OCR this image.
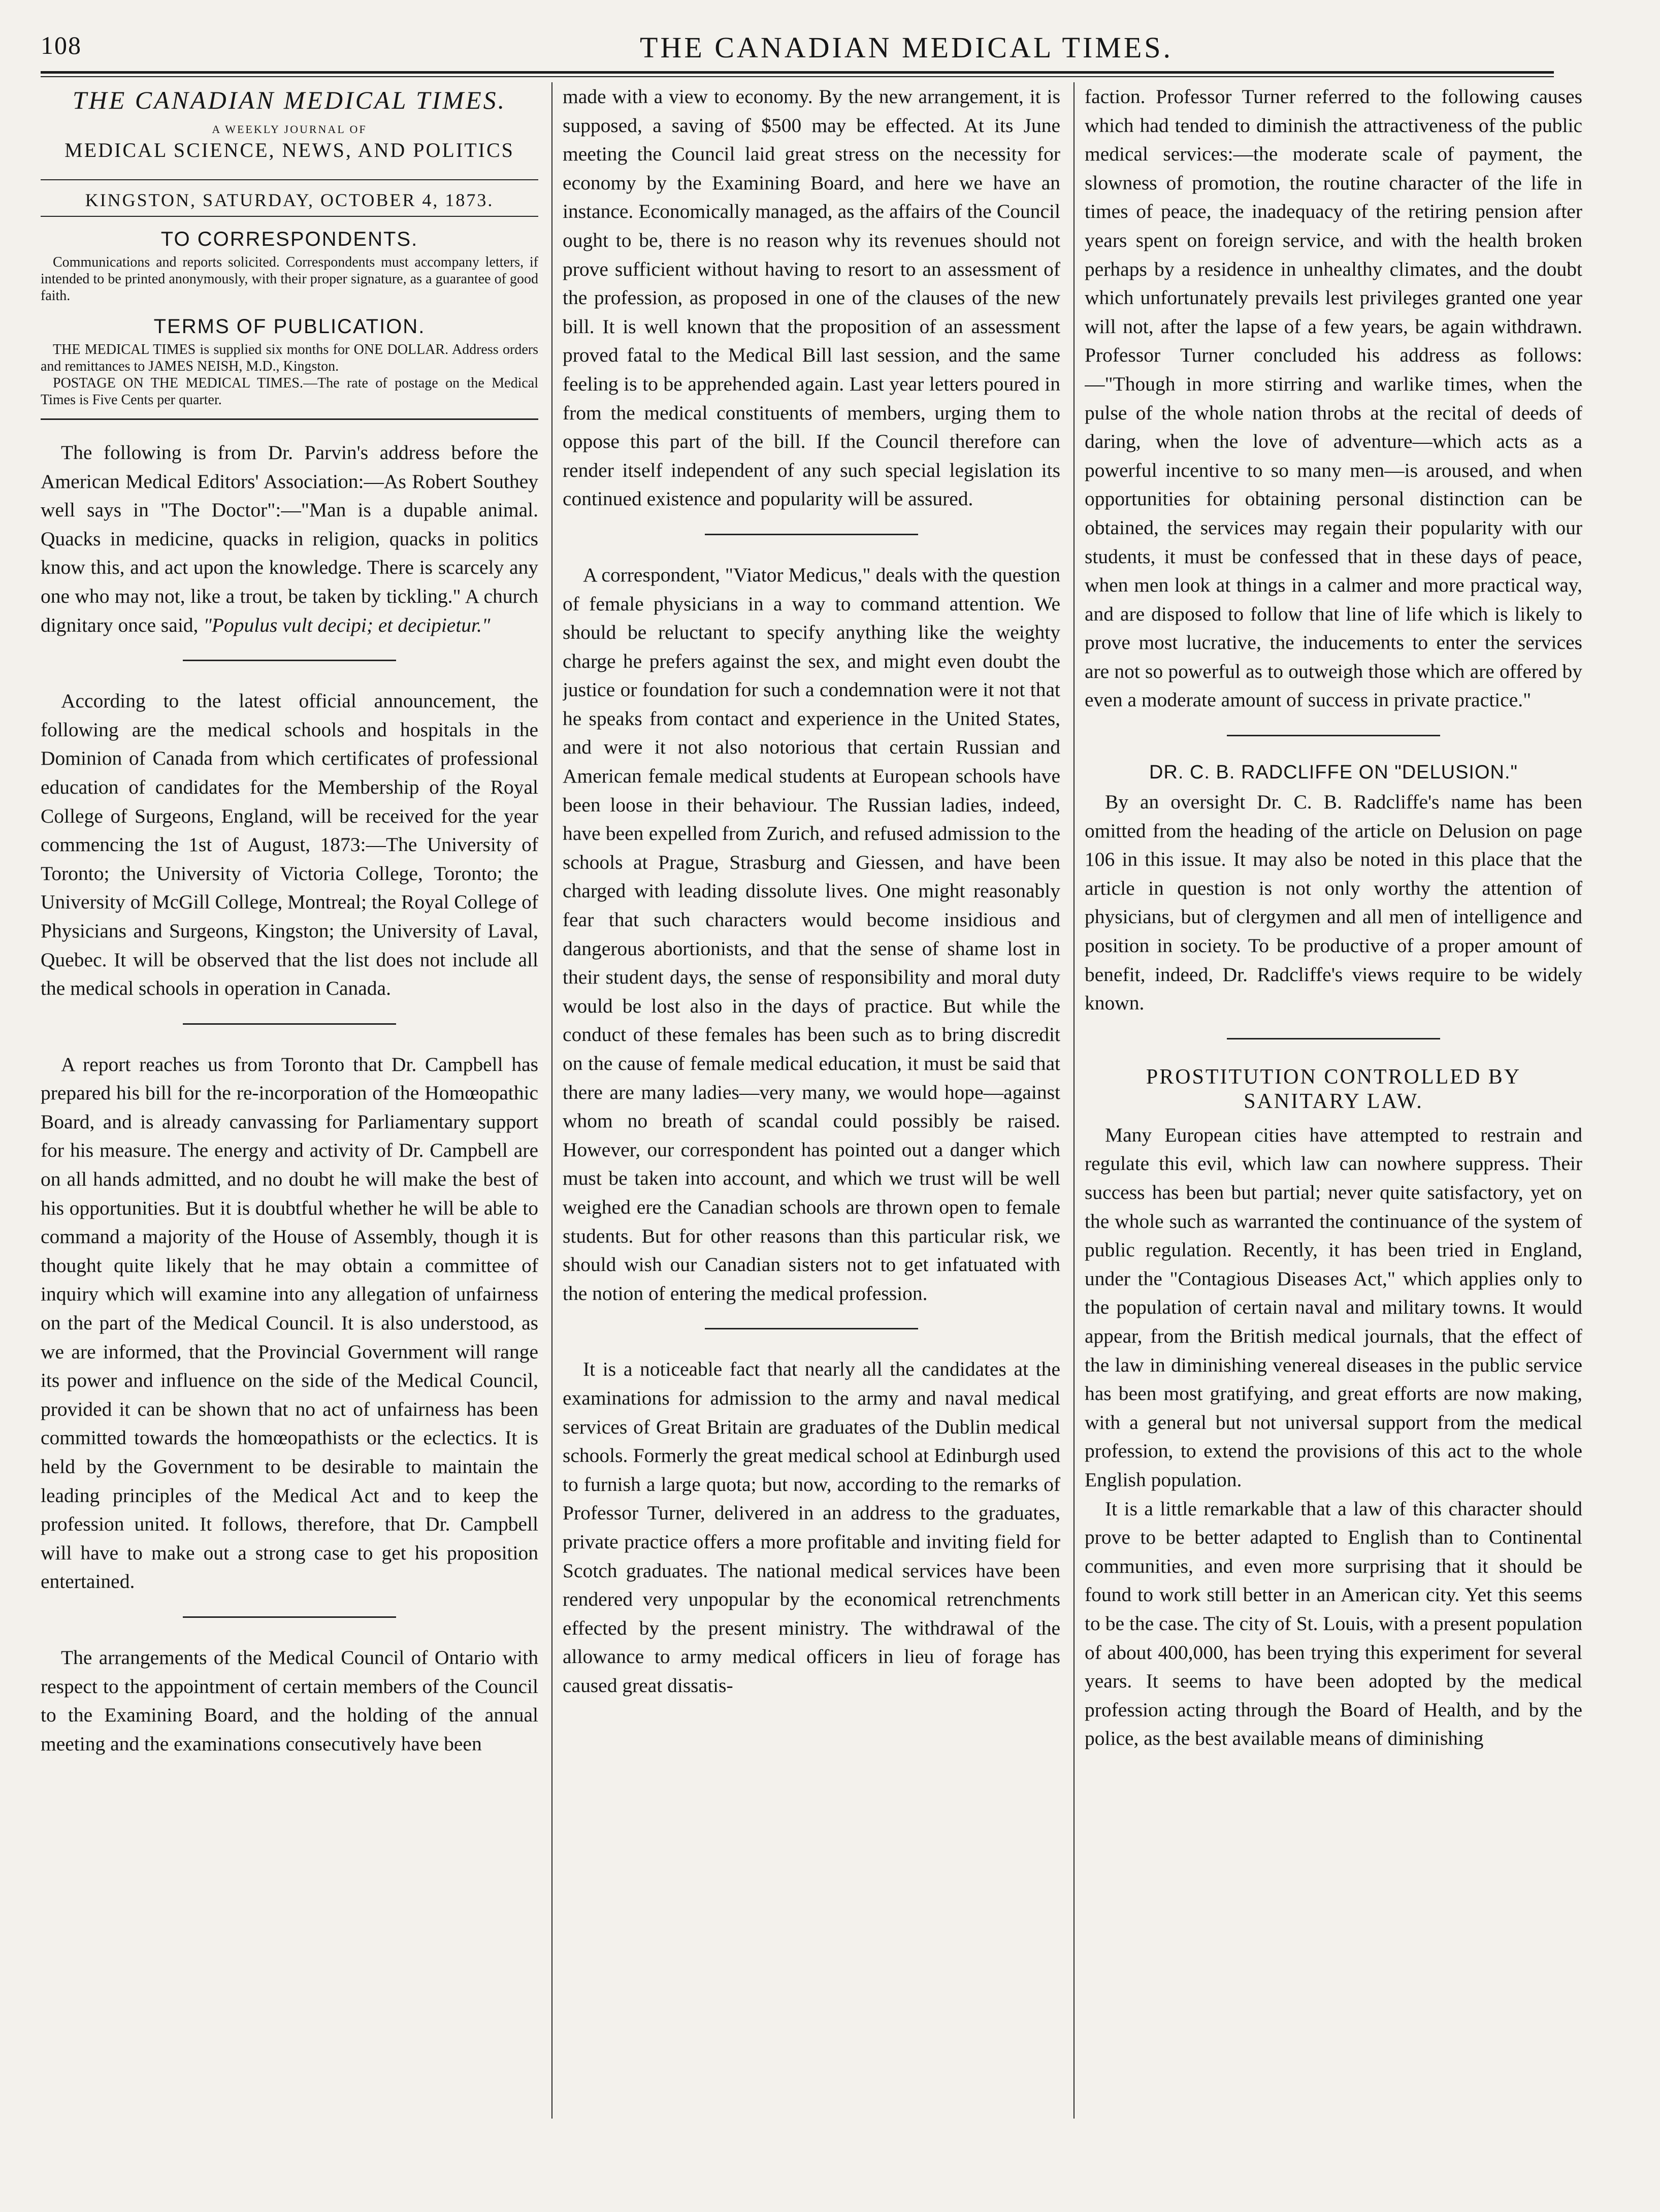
108	THE CANADIAN MEDICAL TIMES.
THE CANADIAN MEDICAL TIMES.
A WEEKLY JOURNAL OF
MEDICAL SCIENCE, NEWS, AND POLITICS
KINGSTON, SATURDAY, OCTOBER 4, 1873.
TO CORRESPONDENTS.

Communications and reports solicited. Correspondents must accompany letters, if intended to be printed anonymously, with their proper signature, as a guarantee of good faith.

TERMS OF PUBLICATION.

THE MEDICAL TIMES is supplied six months for ONE DOLLAR. Address orders and remittances to JAMES NEISH, M.D., Kingston.

POSTAGE ON THE MEDICAL TIMES.—The rate of postage on the Medical Times is Five Cents per quarter.

The following is from Dr. Parvin's address before the American Medical Editors' Association:—As Robert Southey well says in "The Doctor":—"Man is a dupable animal. Quacks in medicine, quacks in religion, quacks in politics know this, and act upon the knowledge. There is scarcely any one who may not, like a trout, be taken by tickling." A church dignitary once said, "Populus vult decipi; et decipietur."

According to the latest official announcement, the following are the medical schools and hospitals in the Dominion of Canada from which certificates of professional education of candidates for the Membership of the Royal College of Surgeons, England, will be received for the year commencing the 1st of August, 1873:—The University of Toronto; the University of Victoria College, Toronto; the University of McGill College, Montreal; the Royal College of Physicians and Surgeons, Kingston; the University of Laval, Quebec. It will be observed that the list does not include all the medical schools in operation in Canada.

A report reaches us from Toronto that Dr. Campbell has prepared his bill for the re-incorporation of the Homœopathic Board, and is already canvassing for Parliamentary support for his measure. The energy and activity of Dr. Campbell are on all hands admitted, and no doubt he will make the best of his opportunities. But it is doubtful whether he will be able to command a majority of the House of Assembly, though it is thought quite likely that he may obtain a committee of inquiry which will examine into any allegation of unfairness on the part of the Medical Council. It is also understood, as we are informed, that the Provincial Government will range its power and influence on the side of the Medical Council, provided it can be shown that no act of unfairness has been committed towards the homœopathists or the eclectics. It is held by the Government to be desirable to maintain the leading principles of the Medical Act and to keep the profession united. It follows, therefore, that Dr. Campbell will have to make out a strong case to get his proposition entertained.

The arrangements of the Medical Council of Ontario with respect to the appointment of certain members of the Council to the Examining Board, and the holding of the annual meeting and the examinations consecutively have been

made with a view to economy. By the new arrangement, it is supposed, a saving of $500 may be effected. At its June meeting the Council laid great stress on the necessity for economy by the Examining Board, and here we have an instance. Economically managed, as the affairs of the Council ought to be, there is no reason why its revenues should not prove sufficient without having to resort to an assessment of the profession, as proposed in one of the clauses of the new bill. It is well known that the proposition of an assessment proved fatal to the Medical Bill last session, and the same feeling is to be apprehended again. Last year letters poured in from the medical constituents of members, urging them to oppose this part of the bill. If the Council therefore can render itself independent of any such special legislation its continued existence and popularity will be assured.

A correspondent, "Viator Medicus," deals with the question of female physicians in a way to command attention. We should be reluctant to specify anything like the weighty charge he prefers against the sex, and might even doubt the justice or foundation for such a condemnation were it not that he speaks from contact and experience in the United States, and were it not also notorious that certain Russian and American female medical students at European schools have been loose in their behaviour. The Russian ladies, indeed, have been expelled from Zurich, and refused admission to the schools at Prague, Strasburg and Giessen, and have been charged with leading dissolute lives. One might reasonably fear that such characters would become insidious and dangerous abortionists, and that the sense of shame lost in their student days, the sense of responsibility and moral duty would be lost also in the days of practice. But while the conduct of these females has been such as to bring discredit on the cause of female medical education, it must be said that there are many ladies—very many, we would hope—against whom no breath of scandal could possibly be raised. However, our correspondent has pointed out a danger which must be taken into account, and which we trust will be well weighed ere the Canadian schools are thrown open to female students. But for other reasons than this particular risk, we should wish our Canadian sisters not to get infatuated with the notion of entering the medical profession.

It is a noticeable fact that nearly all the candidates at the examinations for admission to the army and naval medical services of Great Britain are graduates of the Dublin medical schools. Formerly the great medical school at Edinburgh used to furnish a large quota; but now, according to the remarks of Professor Turner, delivered in an address to the graduates, private practice offers a more profitable and inviting field for Scotch graduates. The national medical services have been rendered very unpopular by the economical retrenchments effected by the present ministry. The withdrawal of the allowance to army medical officers in lieu of forage has caused great dissatis-

faction. Professor Turner referred to the following causes which had tended to diminish the attractiveness of the public medical services:—the moderate scale of payment, the slowness of promotion, the routine character of the life in times of peace, the inadequacy of the retiring pension after years spent on foreign service, and with the health broken perhaps by a residence in unhealthy climates, and the doubt which unfortunately prevails lest privileges granted one year will not, after the lapse of a few years, be again withdrawn. Professor Turner concluded his address as follows:—"Though in more stirring and warlike times, when the pulse of the whole nation throbs at the recital of deeds of daring, when the love of adventure—which acts as a powerful incentive to so many men—is aroused, and when opportunities for obtaining personal distinction can be obtained, the services may regain their popularity with our students, it must be confessed that in these days of peace, when men look at things in a calmer and more practical way, and are disposed to follow that line of life which is likely to prove most lucrative, the inducements to enter the services are not so powerful as to outweigh those which are offered by even a moderate amount of success in private practice."

DR. C. B. RADCLIFFE ON "DELUSION."

By an oversight Dr. C. B. Radcliffe's name has been omitted from the heading of the article on Delusion on page 106 in this issue. It may also be noted in this place that the article in question is not only worthy the attention of physicians, but of clergymen and all men of intelligence and position in society. To be productive of a proper amount of benefit, indeed, Dr. Radcliffe's views require to be widely known.

PROSTITUTION CONTROLLED BY SANITARY LAW.

Many European cities have attempted to restrain and regulate this evil, which law can nowhere suppress. Their success has been but partial; never quite satisfactory, yet on the whole such as warranted the continuance of the system of public regulation. Recently, it has been tried in England, under the "Contagious Diseases Act," which applies only to the population of certain naval and military towns. It would appear, from the British medical journals, that the effect of the law in diminishing venereal diseases in the public service has been most gratifying, and great efforts are now making, with a general but not universal support from the medical profession, to extend the provisions of this act to the whole English population.

It is a little remarkable that a law of this character should prove to be better adapted to English than to Continental communities, and even more surprising that it should be found to work still better in an American city. Yet this seems to be the case. The city of St. Louis, with a present population of about 400,000, has been trying this experiment for several years. It seems to have been adopted by the medical profession acting through the Board of Health, and by the police, as the best available means of diminishing
